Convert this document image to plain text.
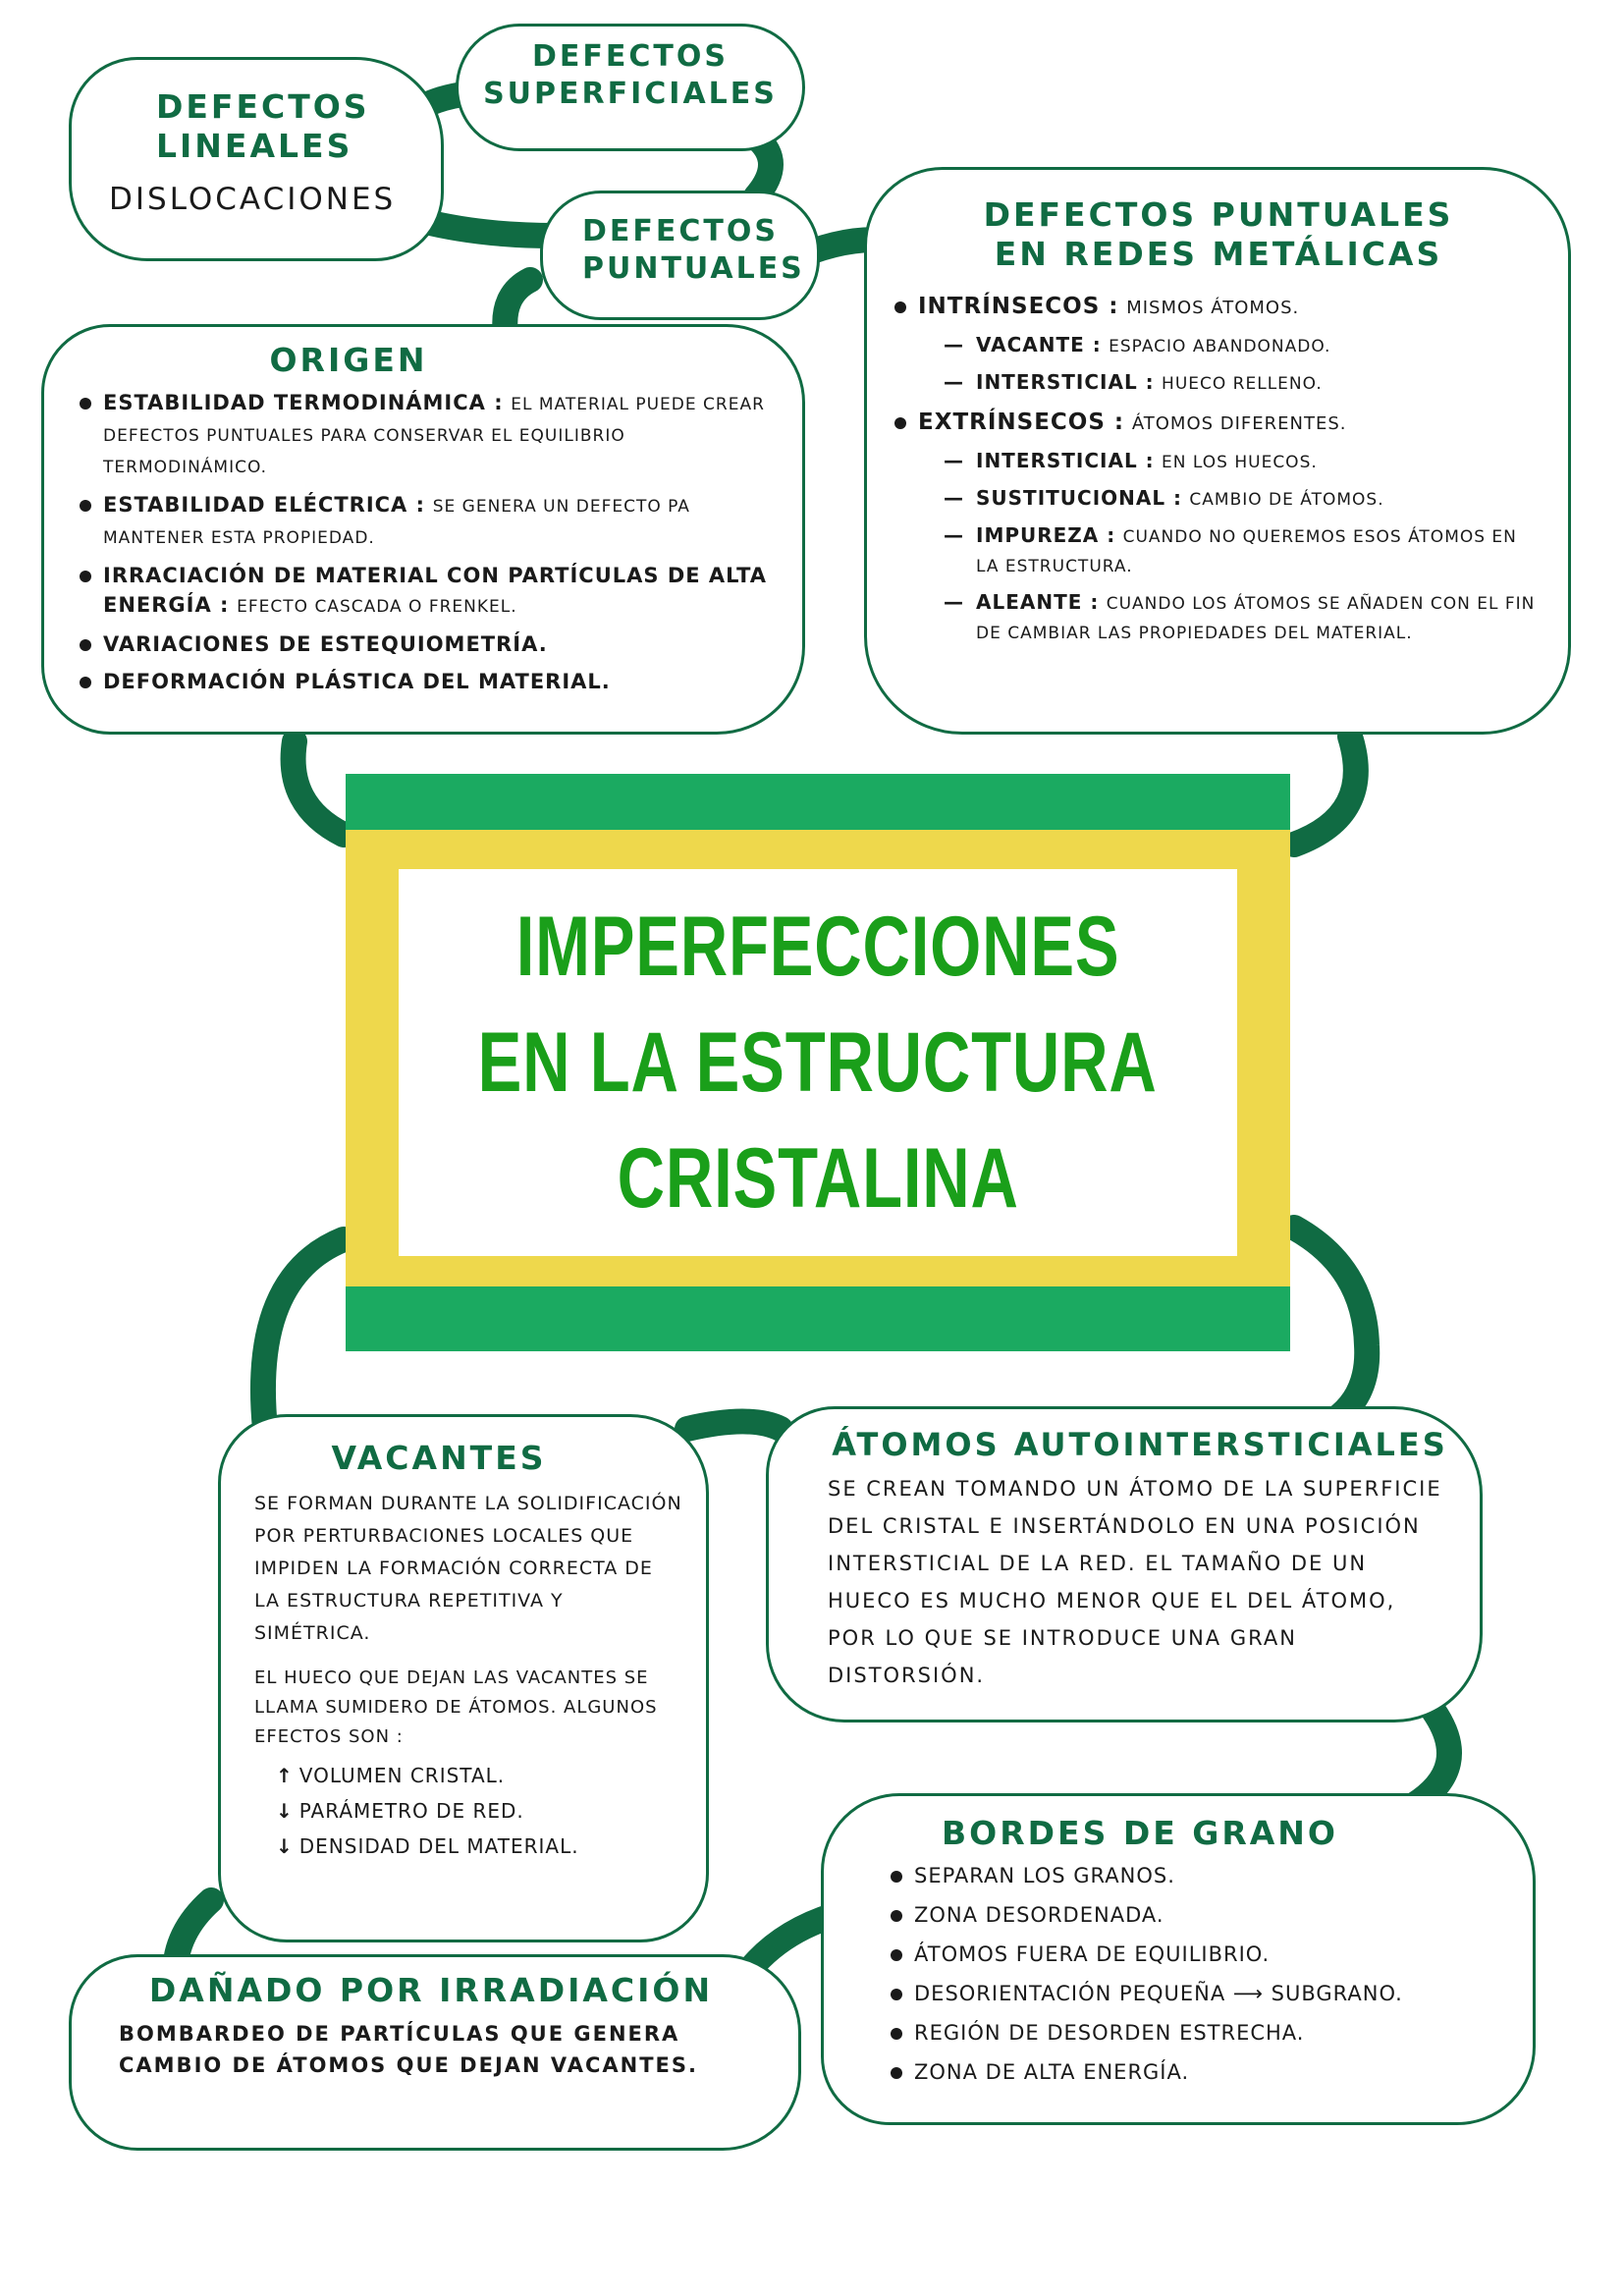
DEFECTOS LINEALES
DISLOCACIONES
DEFECTOS SUPERFICIALES
DEFECTOS PUNTUALES
ORIGEN
ESTABILIDAD TERMODINÁMICA : EL MATERIAL PUEDE CREAR DEFECTOS PUNTUALES PARA CONSERVAR EL EQUILIBRIO TERMODINÁMICO.
ESTABILIDAD ELÉCTRICA : SE GENERA UN DEFECTO PA MANTENER ESTA PROPIEDAD.
IRRACIACIÓN DE MATERIAL CON PARTÍCULAS DE ALTA ENERGÍA : EFECTO CASCADA O FRENKEL.
VARIACIONES DE ESTEQUIOMETRÍA.
DEFORMACIÓN PLÁSTICA DEL MATERIAL.
DEFECTOS PUNTUALES EN REDES METÁLICAS
INTRÍNSECOS : MISMOS ÁTOMOS.
— VACANTE : ESPACIO ABANDONADO.
— INTERSTICIAL : HUECO RELLENO.
EXTRÍNSECOS : ÁTOMOS DIFERENTES.
— INTERSTICIAL : EN LOS HUECOS.
— SUSTITUCIONAL : CAMBIO DE ÁTOMOS.
— IMPUREZA : CUANDO NO QUEREMOS ESOS ÁTOMOS EN LA ESTRUCTURA.
— ALEANTE : CUANDO LOS ÁTOMOS SE AÑADEN CON EL FIN DE CAMBIAR LAS PROPIEDADES DEL MATERIAL.
IMPERFECCIONES
EN LA ESTRUCTURA
CRISTALINA
VACANTES
SE FORMAN DURANTE LA SOLIDIFICACIÓN POR PERTURBACIONES LOCALES QUE IMPIDEN LA FORMACIÓN CORRECTA DE LA ESTRUCTURA REPETITIVA Y SIMÉTRICA.
EL HUECO QUE DEJAN LAS VACANTES SE LLAMA SUMIDERO DE ÁTOMOS. ALGUNOS EFECTOS SON :
↑ VOLUMEN CRISTAL.
↓ PARÁMETRO DE RED.
↓ DENSIDAD DEL MATERIAL.
ÁTOMOS AUTOINTERSTICIALES
SE CREAN TOMANDO UN ÁTOMO DE LA SUPERFICIE DEL CRISTAL E INSERTÁNDOLO EN UNA POSICIÓN INTERSTICIAL DE LA RED. EL TAMAÑO DE UN HUECO ES MUCHO MENOR QUE EL DEL ÁTOMO, POR LO QUE SE INTRODUCE UNA GRAN DISTORSIÓN.
BORDES DE GRANO
SEPARAN LOS GRANOS.
ZONA DESORDENADA.
ÁTOMOS FUERA DE EQUILIBRIO.
DESORIENTACIÓN PEQUEÑA ⟶ SUBGRANO.
REGIÓN DE DESORDEN ESTRECHA.
ZONA DE ALTA ENERGÍA.
DAÑADO POR IRRADIACIÓN
BOMBARDEO DE PARTÍCULAS QUE GENERA CAMBIO DE ÁTOMOS QUE DEJAN VACANTES.
